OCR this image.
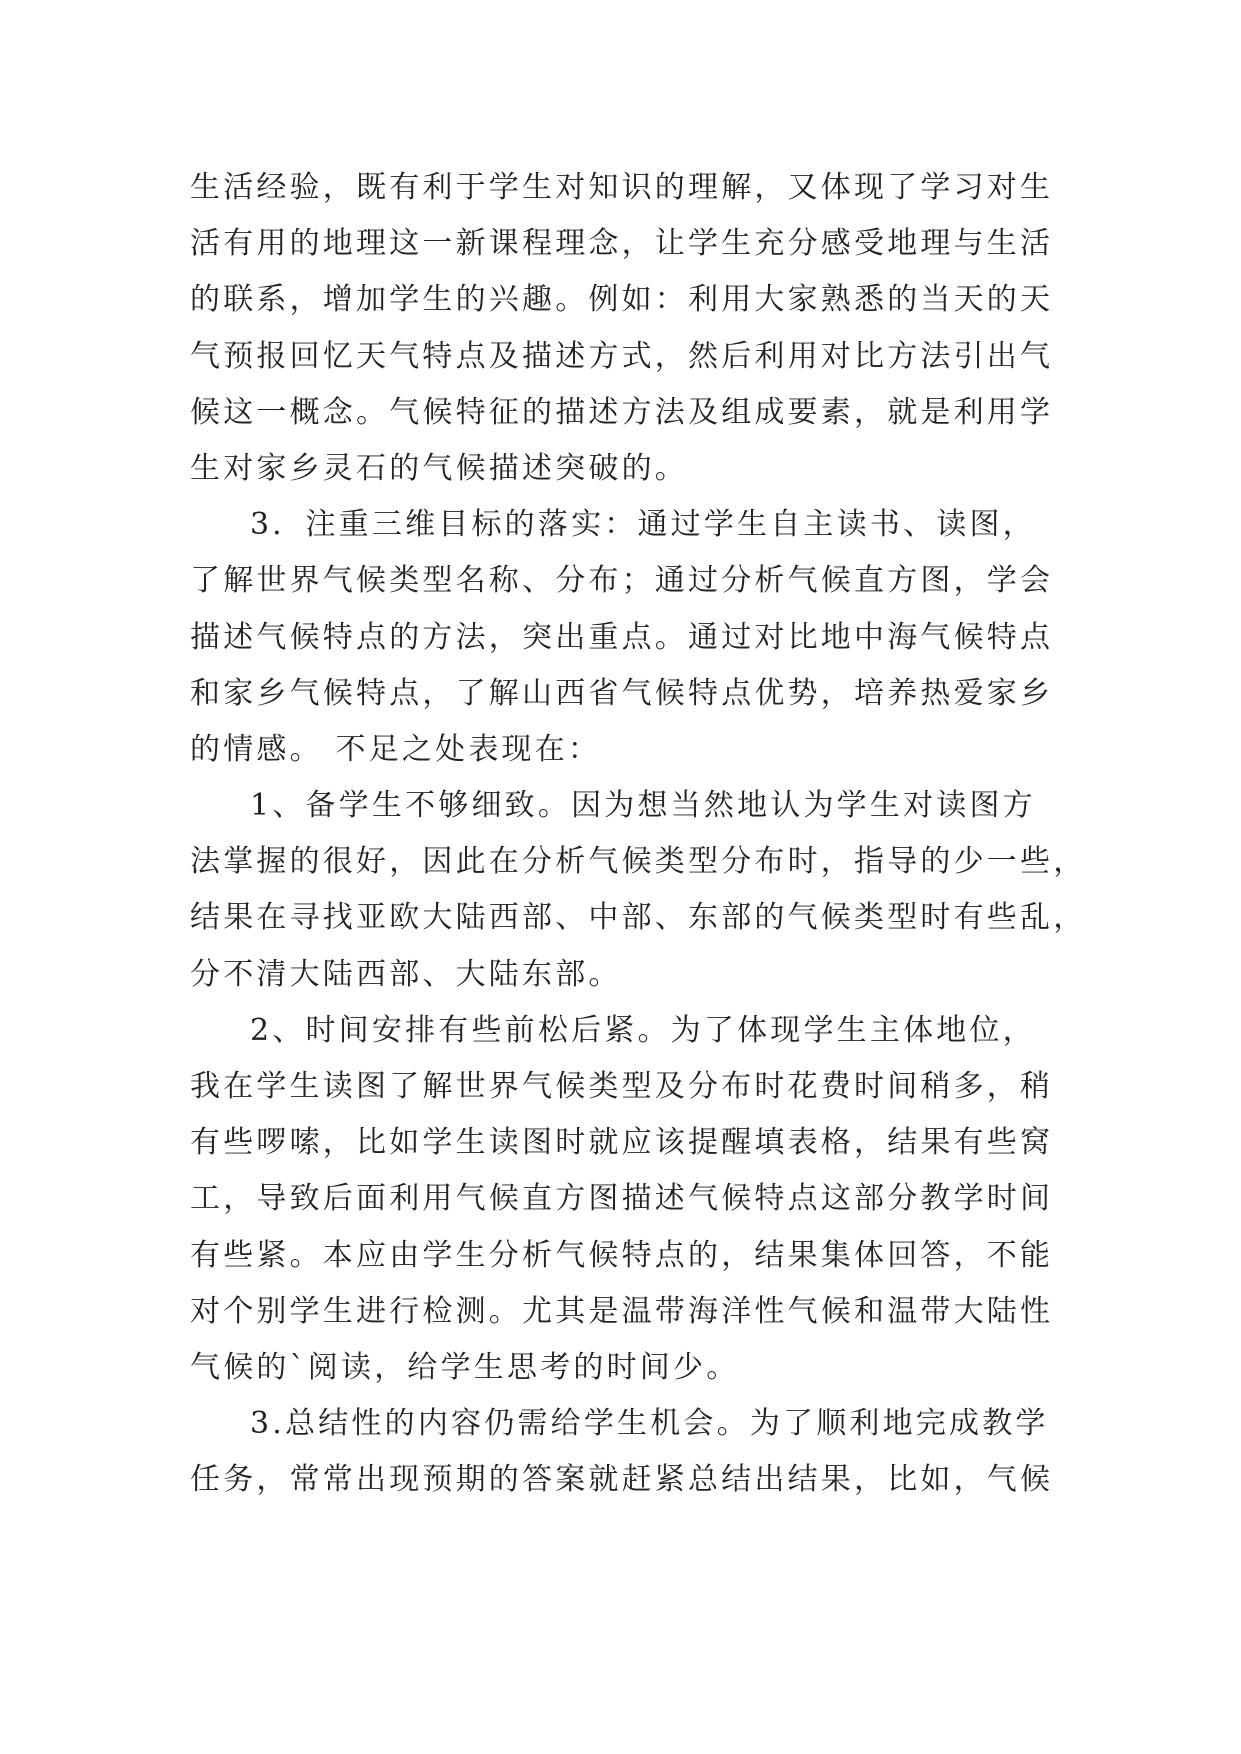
生活经验，既有利于学生对知识的理解，又体现了学习对生
活有用的地理这一新课程理念，让学生充分感受地理与生活
的联系，增加学生的兴趣。例如：利用大家熟悉的当天的天
气预报回忆天气特点及描述方式，然后利用对比方法引出气
候这一概念。气候特征的描述方法及组成要素，就是利用学
生对家乡灵石的气候描述突破的。
3．注重三维目标的落实：通过学生自主读书、读图，
了解世界气候类型名称、分布；通过分析气候直方图，学会
描述气候特点的方法，突出重点。通过对比地中海气候特点
和家乡气候特点，了解山西省气候特点优势，培养热爱家乡
的情感。 不足之处表现在：
1、备学生不够细致。因为想当然地认为学生对读图方
法掌握的很好，因此在分析气候类型分布时，指导的少一些，
结果在寻找亚欧大陆西部、中部、东部的气候类型时有些乱，
分不清大陆西部、大陆东部。
2、时间安排有些前松后紧。为了体现学生主体地位，
我在学生读图了解世界气候类型及分布时花费时间稍多，稍
有些啰嗦，比如学生读图时就应该提醒填表格，结果有些窝
工，导致后面利用气候直方图描述气候特点这部分教学时间
有些紧。本应由学生分析气候特点的，结果集体回答，不能
对个别学生进行检测。尤其是温带海洋性气候和温带大陆性
气候的`阅读，给学生思考的时间少。
3.总结性的内容仍需给学生机会。为了顺利地完成教学
任务，常常出现预期的答案就赶紧总结出结果，比如，气候
